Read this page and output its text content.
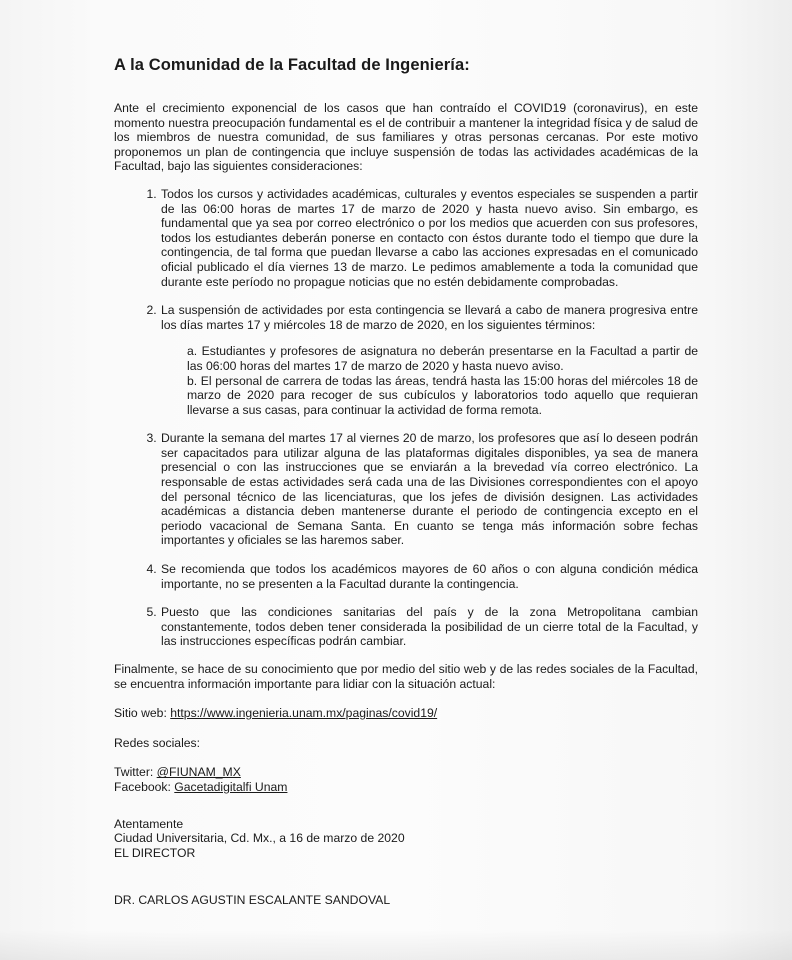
A la Comunidad de la Facultad de Ingeniería:

Ante el crecimiento exponencial de los casos que han contraído el COVID19 (coronavirus), en este momento nuestra preocupación fundamental es el de contribuir a mantener la integridad física y de salud de los miembros de nuestra comunidad, de sus familiares y otras personas cercanas. Por este motivo proponemos un plan de contingencia que incluye suspensión de todas las actividades académicas de la Facultad, bajo las siguientes consideraciones:

1. Todos los cursos y actividades académicas, culturales y eventos especiales se suspenden a partir de las 06:00 horas de martes 17 de marzo de 2020 y hasta nuevo aviso. Sin embargo, es fundamental que ya sea por correo electrónico o por los medios que acuerden con sus profesores, todos los estudiantes deberán ponerse en contacto con éstos durante todo el tiempo que dure la contingencia, de tal forma que puedan llevarse a cabo las acciones expresadas en el comunicado oficial publicado el día viernes 13 de marzo. Le pedimos amablemente a toda la comunidad que durante este período no propague noticias que no estén debidamente comprobadas.
2. La suspensión de actividades por esta contingencia se llevará a cabo de manera progresiva entre los días martes 17 y miércoles 18 de marzo de 2020, en los siguientes términos:

a. Estudiantes y profesores de asignatura no deberán presentarse en la Facultad a partir de las 06:00 horas del martes 17 de marzo de 2020 y hasta nuevo aviso.

b. El personal de carrera de todas las áreas, tendrá hasta las 15:00 horas del miércoles 18 de marzo de 2020 para recoger de sus cubículos y laboratorios todo aquello que requieran llevarse a sus casas, para continuar la actividad de forma remota.

3. Durante la semana del martes 17 al viernes 20 de marzo, los profesores que así lo deseen podrán ser capacitados para utilizar alguna de las plataformas digitales disponibles, ya sea de manera presencial o con las instrucciones que se enviarán a la brevedad vía correo electrónico. La responsable de estas actividades será cada una de las Divisiones correspondientes con el apoyo del personal técnico de las licenciaturas, que los jefes de división designen. Las actividades académicas a distancia deben mantenerse durante el periodo de contingencia excepto en el periodo vacacional de Semana Santa. En cuanto se tenga más información sobre fechas importantes y oficiales se las haremos saber.
4. Se recomienda que todos los académicos mayores de 60 años o con alguna condición médica importante, no se presenten a la Facultad durante la contingencia.
5. Puesto que las condiciones sanitarias del país y de la zona Metropolitana cambian constantemente, todos deben tener considerada la posibilidad de un cierre total de la Facultad, y las instrucciones específicas podrán cambiar.

Finalmente, se hace de su conocimiento que por medio del sitio web y de las redes sociales de la Facultad, se encuentra información importante para lidiar con la situación actual:

Sitio web: https://www.ingenieria.unam.mx/paginas/covid19/

Redes sociales:

Twitter: @FIUNAM_MX

Facebook: Gacetadigitalfi Unam

Atentamente

Ciudad Universitaria, Cd. Mx., a 16 de marzo de 2020

EL DIRECTOR

DR. CARLOS AGUSTIN ESCALANTE SANDOVAL
